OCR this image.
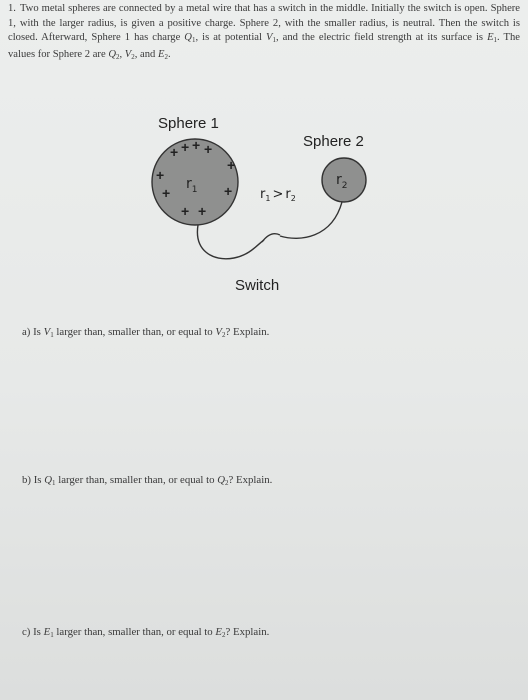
1. Two metal spheres are connected by a metal wire that has a switch in the middle. Initially the switch is open. Sphere 1, with the larger radius, is given a positive charge. Sphere 2, with the smaller radius, is neutral. Then the switch is closed. Afterward, Sphere 1 has charge $Q_1$, is at potential $V_1$, and the electric field strength at its surface is $E_1$. The values for Sphere 2 are $Q_2$, $V_2$, and $E_2$.
Sphere 1
+ + + +
+
+
+	+
+ +
$r_1$
Sphere 2
$r_2$
$r_1 > r_2$
Switch
a) Is $V_1$ larger than, smaller than, or equal to $V_2$? Explain.
b) Is $Q_1$ larger than, smaller than, or equal to $Q_2$? Explain.
c) Is $E_1$ larger than, smaller than, or equal to $E_2$? Explain.
